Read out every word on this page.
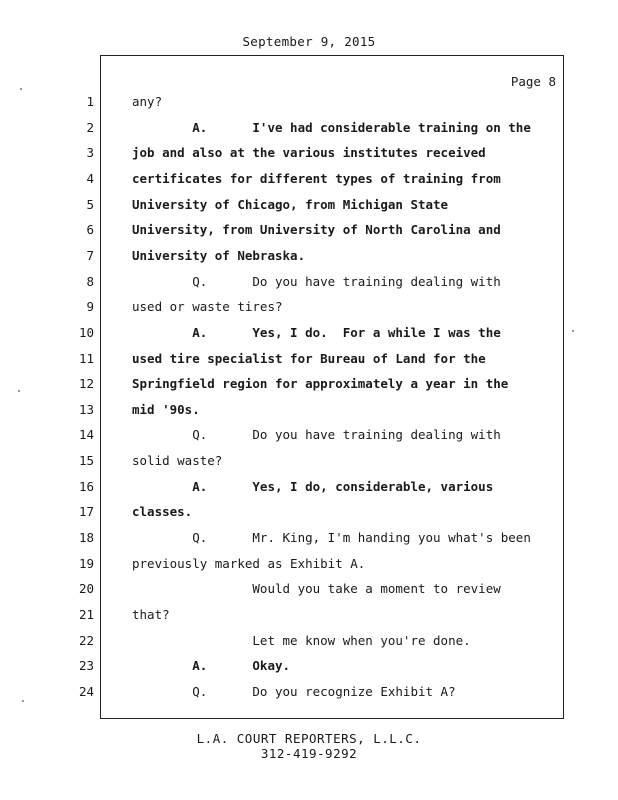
September 9, 2015
Page 8
1	any?
2	A.      I've had considerable training on the
3	job and also at the various institutes received
4	certificates for different types of training from
5	University of Chicago, from Michigan State
6	University, from University of North Carolina and
7	University of Nebraska.
8	Q.      Do you have training dealing with
9	used or waste tires?
10	A.      Yes, I do.  For a while I was the
11	used tire specialist for Bureau of Land for the
12	Springfield region for approximately a year in the
13	mid '90s.
14	Q.      Do you have training dealing with
15	solid waste?
16	A.      Yes, I do, considerable, various
17	classes.
18	Q.      Mr. King, I'm handing you what's been
19	previously marked as Exhibit A.
20	Would you take a moment to review
21	that?
22	Let me know when you're done.
23	A.      Okay.
24	Q.      Do you recognize Exhibit A?
L.A. COURT REPORTERS, L.L.C.
312-419-9292
